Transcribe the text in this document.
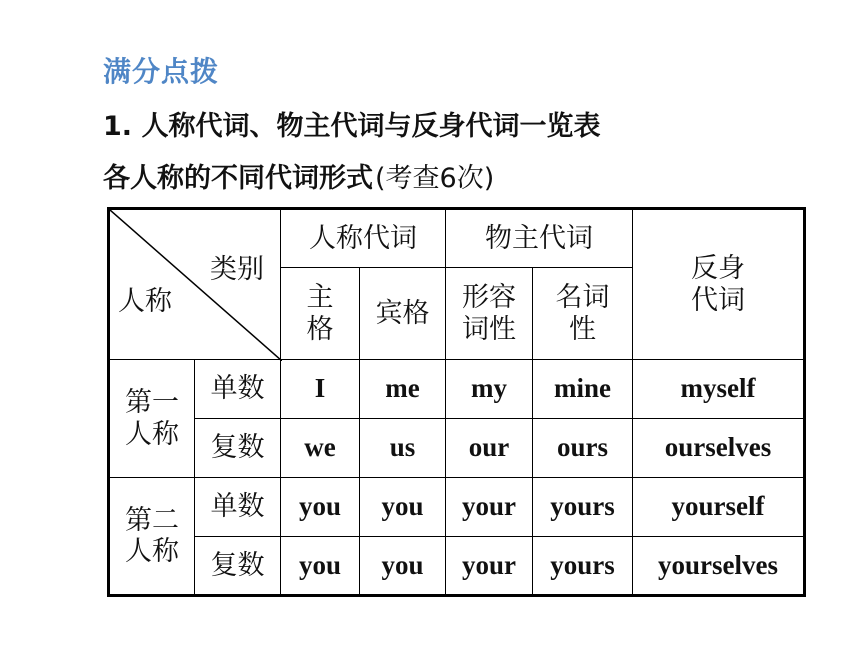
满分点拨
1. 人称代词、物主代词与反身代词一览表
各人称的不同代词形式(考查6次)
类别
人称		人称代词		物主代词		反身代词
		主格	宾格	形容词性	名词性	
第一人称	单数	I	me	my	mine	myself
	复数	we	us	our	ours	ourselves
第二人称	单数	you	you	your	yours	yourself
	复数	you	you	your	yours	yourselves
